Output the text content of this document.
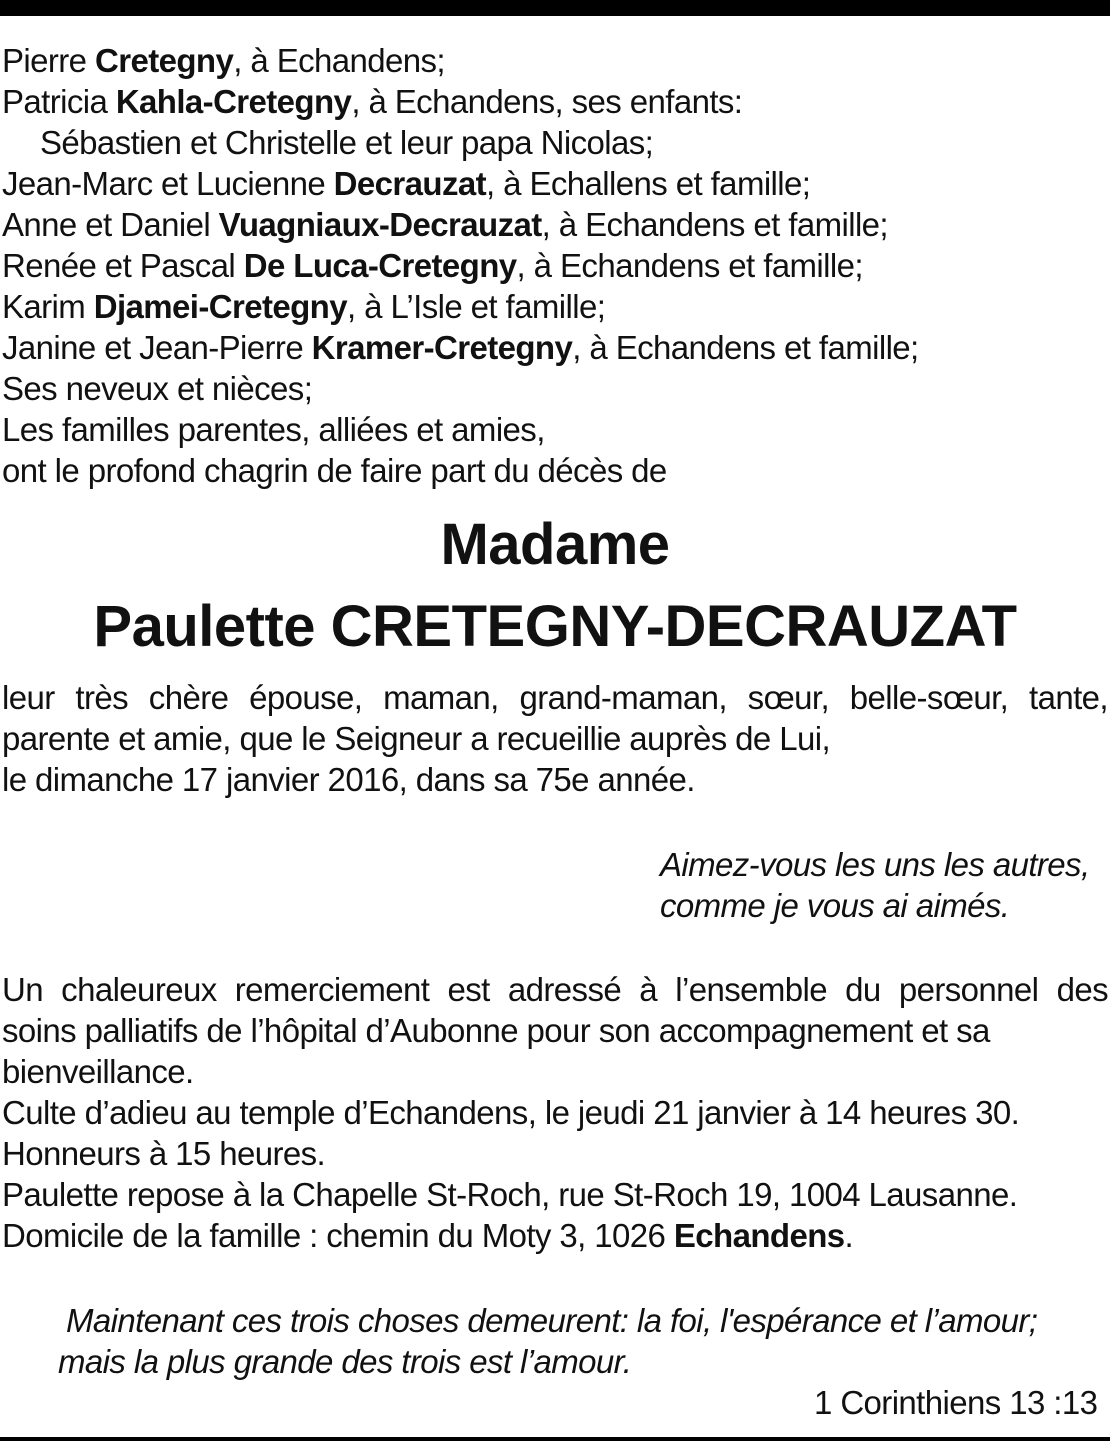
Pierre Cretegny, à Echandens;
Patricia Kahla-Cretegny, à Echandens, ses enfants:
Sébastien et Christelle et leur papa Nicolas;
Jean-Marc et Lucienne Decrauzat, à Echallens et famille;
Anne et Daniel Vuagniaux-Decrauzat, à Echandens et famille;
Renée et Pascal De Luca-Cretegny, à Echandens et famille;
Karim Djamei-Cretegny, à L’Isle et famille;
Janine et Jean-Pierre Kramer-Cretegny, à Echandens et famille;
Ses neveux et nièces;
Les familles parentes, alliées et amies,
ont le profond chagrin de faire part du décès de
Madame
Paulette CRETEGNY-DECRAUZAT
leur très chère épouse, maman, grand-maman, sœur, belle-sœur, tante,
parente et amie, que le Seigneur a recueillie auprès de Lui,
le dimanche 17 janvier 2016, dans sa 75e année.
Aimez-vous les uns les autres,
comme je vous ai aimés.
Un chaleureux remerciement est adressé à l’ensemble du personnel des
soins palliatifs de l’hôpital d’Aubonne pour son accompagnement et sa
bienveillance.
Culte d’adieu au temple d’Echandens, le jeudi 21 janvier à 14 heures 30.
Honneurs à 15 heures.
Paulette repose à la Chapelle St-Roch, rue St-Roch 19, 1004 Lausanne.
Domicile de la famille : chemin du Moty 3, 1026 Echandens.
Maintenant ces trois choses demeurent: la foi, l'espérance et l’amour;
mais la plus grande des trois est l’amour.
1 Corinthiens 13 :13
